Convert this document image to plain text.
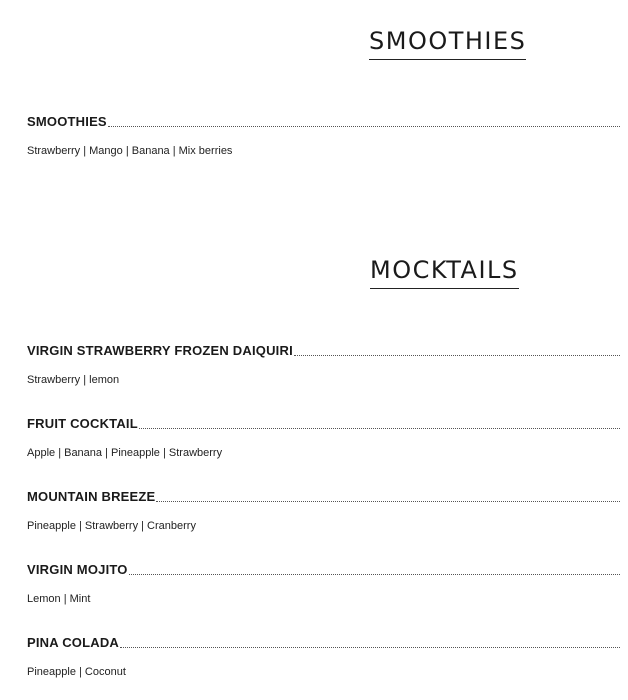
SMOOTHIES
SMOOTHIES
Strawberry | Mango | Banana | Mix berries
MOCKTAILS
VIRGIN STRAWBERRY FROZEN DAIQUIRI
Strawberry | lemon
FRUIT COCKTAIL
Apple | Banana | Pineapple | Strawberry
MOUNTAIN BREEZE
Pineapple | Strawberry | Cranberry
VIRGIN MOJITO
Lemon | Mint
PINA COLADA
Pineapple | Coconut
